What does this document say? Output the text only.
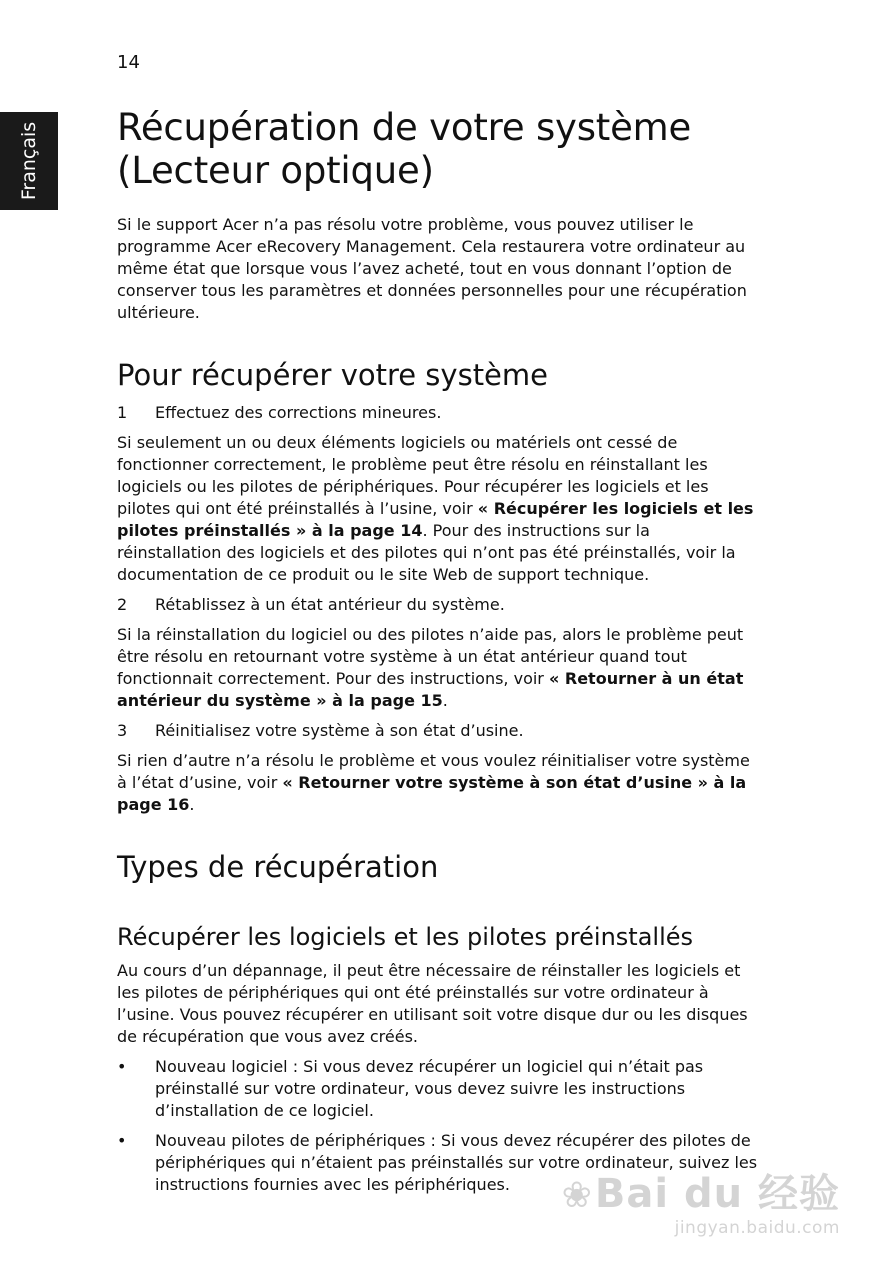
14
Français Récupération de votre système (Lecteur optique)

Si le support Acer n’a pas résolu votre problème, vous pouvez utiliser le programme Acer eRecovery Management. Cela restaurera votre ordinateur au même état que lorsque vous l’avez acheté, tout en vous donnant l’option de conserver tous les paramètres et données personnelles pour une récupération ultérieure.

Pour récupérer votre système
1 Effectuez des corrections mineures.

Si seulement un ou deux éléments logiciels ou matériels ont cessé de fonctionner correctement, le problème peut être résolu en réinstallant les logiciels ou les pilotes de périphériques. Pour récupérer les logiciels et les pilotes qui ont été préinstallés à l’usine, voir « Récupérer les logiciels et les pilotes préinstallés » à la page 14. Pour des instructions sur la réinstallation des logiciels et des pilotes qui n’ont pas été préinstallés, voir la documentation de ce produit ou le site Web de support technique.

2 Rétablissez à un état antérieur du système.

Si la réinstallation du logiciel ou des pilotes n’aide pas, alors le problème peut être résolu en retournant votre système à un état antérieur quand tout fonctionnait correctement. Pour des instructions, voir « Retourner à un état antérieur du système » à la page 15.

3 Réinitialisez votre système à son état d’usine.

Si rien d’autre n’a résolu le problème et vous voulez réinitialiser votre système à l’état d’usine, voir « Retourner votre système à son état d’usine » à la page 16.

Types de récupération
Récupérer les logiciels et les pilotes préinstallés

Au cours d’un dépannage, il peut être nécessaire de réinstaller les logiciels et les pilotes de périphériques qui ont été préinstallés sur votre ordinateur à l’usine. Vous pouvez récupérer en utilisant soit votre disque dur ou les disques de récupération que vous avez créés.

• Nouveau logiciel : Si vous devez récupérer un logiciel qui n’était pas préinstallé sur votre ordinateur, vous devez suivre les instructions d’installation de ce logiciel.
• Nouveau pilotes de périphériques : Si vous devez récupérer des pilotes de périphériques qui n’étaient pas préinstallés sur votre ordinateur, suivez les instructions fournies avec les périphériques.	❀Bai du 经验
jingyan.baidu.com
